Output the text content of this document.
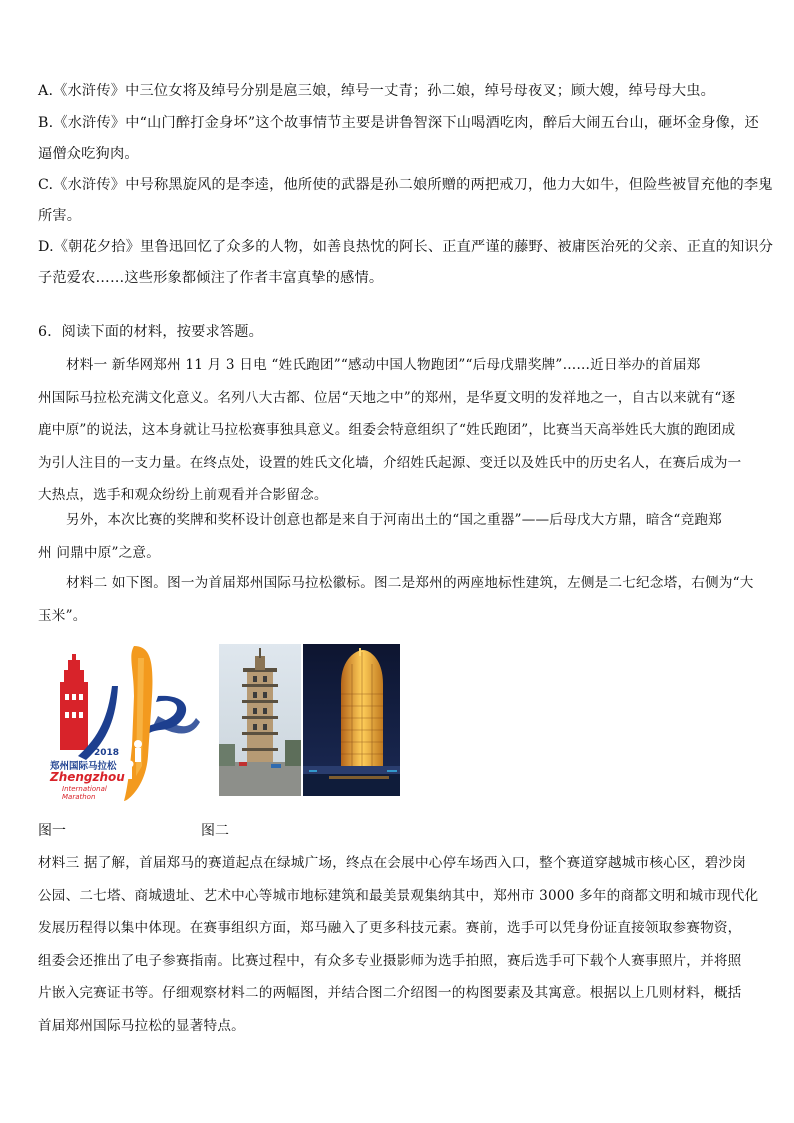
A.《水浒传》中三位女将及绰号分别是扈三娘，绰号一丈青；孙二娘，绰号母夜叉；顾大嫂，绰号母大虫。
B.《水浒传》中“山门醉打金身坏”这个故事情节主要是讲鲁智深下山喝酒吃肉，醉后大闹五台山，砸坏金身像，还
逼僧众吃狗肉。
C.《水浒传》中号称黑旋风的是李逵，他所使的武器是孙二娘所赠的两把戒刀，他力大如牛，但险些被冒充他的李鬼
所害。
D.《朝花夕拾》里鲁迅回忆了众多的人物，如善良热忱的阿长、正直严谨的藤野、被庸医治死的父亲、正直的知识分
子范爱农……这些形象都倾注了作者丰富真挚的感情。
6．阅读下面的材料，按要求答题。
材料一 新华网郑州 11 月 3 日电 “姓氏跑团”“感动中国人物跑团”“后母戊鼎奖牌”……近日举办的首届郑
州国际马拉松充满文化意义。名列八大古都、位居“天地之中”的郑州，是华夏文明的发祥地之一，自古以来就有“逐
鹿中原”的说法，这本身就让马拉松赛事独具意义。组委会特意组织了“姓氏跑团”，比赛当天高举姓氏大旗的跑团成
为引人注目的一支力量。在终点处，设置的姓氏文化墙，介绍姓氏起源、变迁以及姓氏中的历史名人，在赛后成为一
大热点，选手和观众纷纷上前观看并合影留念。
另外，本次比赛的奖牌和奖杯设计创意也都是来自于河南出土的“国之重器”——后母戊大方鼎，暗含“竞跑郑
州 问鼎中原”之意。
材料二 如下图。图一为首届郑州国际马拉松徽标。图二是郑州的两座地标性建筑，左侧是二七纪念塔，右侧为“大
玉米”。
2018
郑州国际马拉松
Zhengzhou
International
Marathon
图一	图二
材料三 据了解，首届郑马的赛道起点在绿城广场，终点在会展中心停车场西入口，整个赛道穿越城市核心区，碧沙岗
公园、二七塔、商城遗址、艺术中心等城市地标建筑和最美景观集纳其中，郑州市 3000 多年的商都文明和城市现代化
发展历程得以集中体现。在赛事组织方面，郑马融入了更多科技元素。赛前，选手可以凭身份证直接领取参赛物资，
组委会还推出了电子参赛指南。比赛过程中，有众多专业摄影师为选手拍照，赛后选手可下载个人赛事照片，并将照
片嵌入完赛证书等。仔细观察材料二的两幅图，并结合图二介绍图一的构图要素及其寓意。根据以上几则材料，概括
首届郑州国际马拉松的显著特点。
